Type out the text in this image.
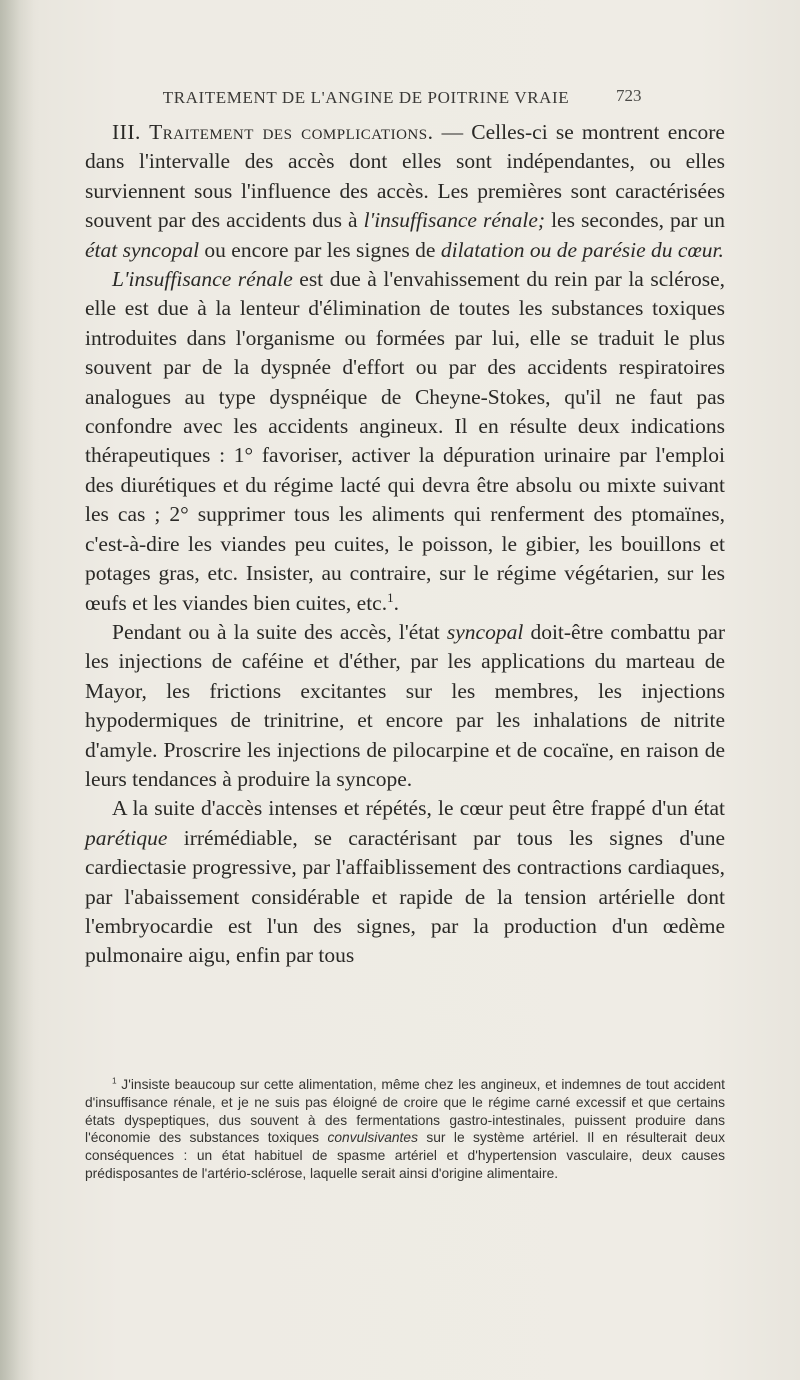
TRAITEMENT DE L'ANGINE DE POITRINE VRAIE	723

III. Traitement des complications. — Celles-ci se montrent encore dans l'intervalle des accès dont elles sont indépendantes, ou elles surviennent sous l'influence des accès. Les premières sont caractérisées souvent par des accidents dus à l'insuffisance rénale; les secondes, par un état syncopal ou encore par les signes de dilatation ou de parésie du cœur.

L'insuffisance rénale est due à l'envahissement du rein par la sclérose, elle est due à la lenteur d'élimination de toutes les substances toxiques introduites dans l'organisme ou formées par lui, elle se traduit le plus souvent par de la dyspnée d'effort ou par des accidents respiratoires analogues au type dyspnéique de Cheyne-Stokes, qu'il ne faut pas confondre avec les accidents angineux. Il en résulte deux indications thérapeutiques : 1° favoriser, activer la dépuration urinaire par l'emploi des diurétiques et du régime lacté qui devra être absolu ou mixte suivant les cas ; 2° supprimer tous les aliments qui renferment des ptomaïnes, c'est-à-dire les viandes peu cuites, le poisson, le gibier, les bouillons et potages gras, etc. Insister, au contraire, sur le régime végétarien, sur les œufs et les viandes bien cuites, etc.$^1$.

Pendant ou à la suite des accès, l'état syncopal doit-être combattu par les injections de caféine et d'éther, par les applications du marteau de Mayor, les frictions excitantes sur les membres, les injections hypodermiques de trinitrine, et encore par les inhalations de nitrite d'amyle. Proscrire les injections de pilocarpine et de cocaïne, en raison de leurs tendances à produire la syncope.

A la suite d'accès intenses et répétés, le cœur peut être frappé d'un état parétique irrémédiable, se caractérisant par tous les signes d'une cardiectasie progressive, par l'affaiblissement des contractions cardiaques, par l'abaissement considérable et rapide de la tension artérielle dont l'embryocardie est l'un des signes, par la production d'un œdème pulmonaire aigu, enfin par tous

$^1$ J'insiste beaucoup sur cette alimentation, même chez les angineux, et indemnes de tout accident d'insuffisance rénale, et je ne suis pas éloigné de croire que le régime carné excessif et que certains états dyspeptiques, dus souvent à des fermentations gastro-intestinales, puissent produire dans l'économie des substances toxiques convulsivantes sur le système artériel. Il en résulterait deux conséquences : un état habituel de spasme artériel et d'hypertension vasculaire, deux causes prédisposantes de l'artério-sclérose, laquelle serait ainsi d'origine alimentaire.
